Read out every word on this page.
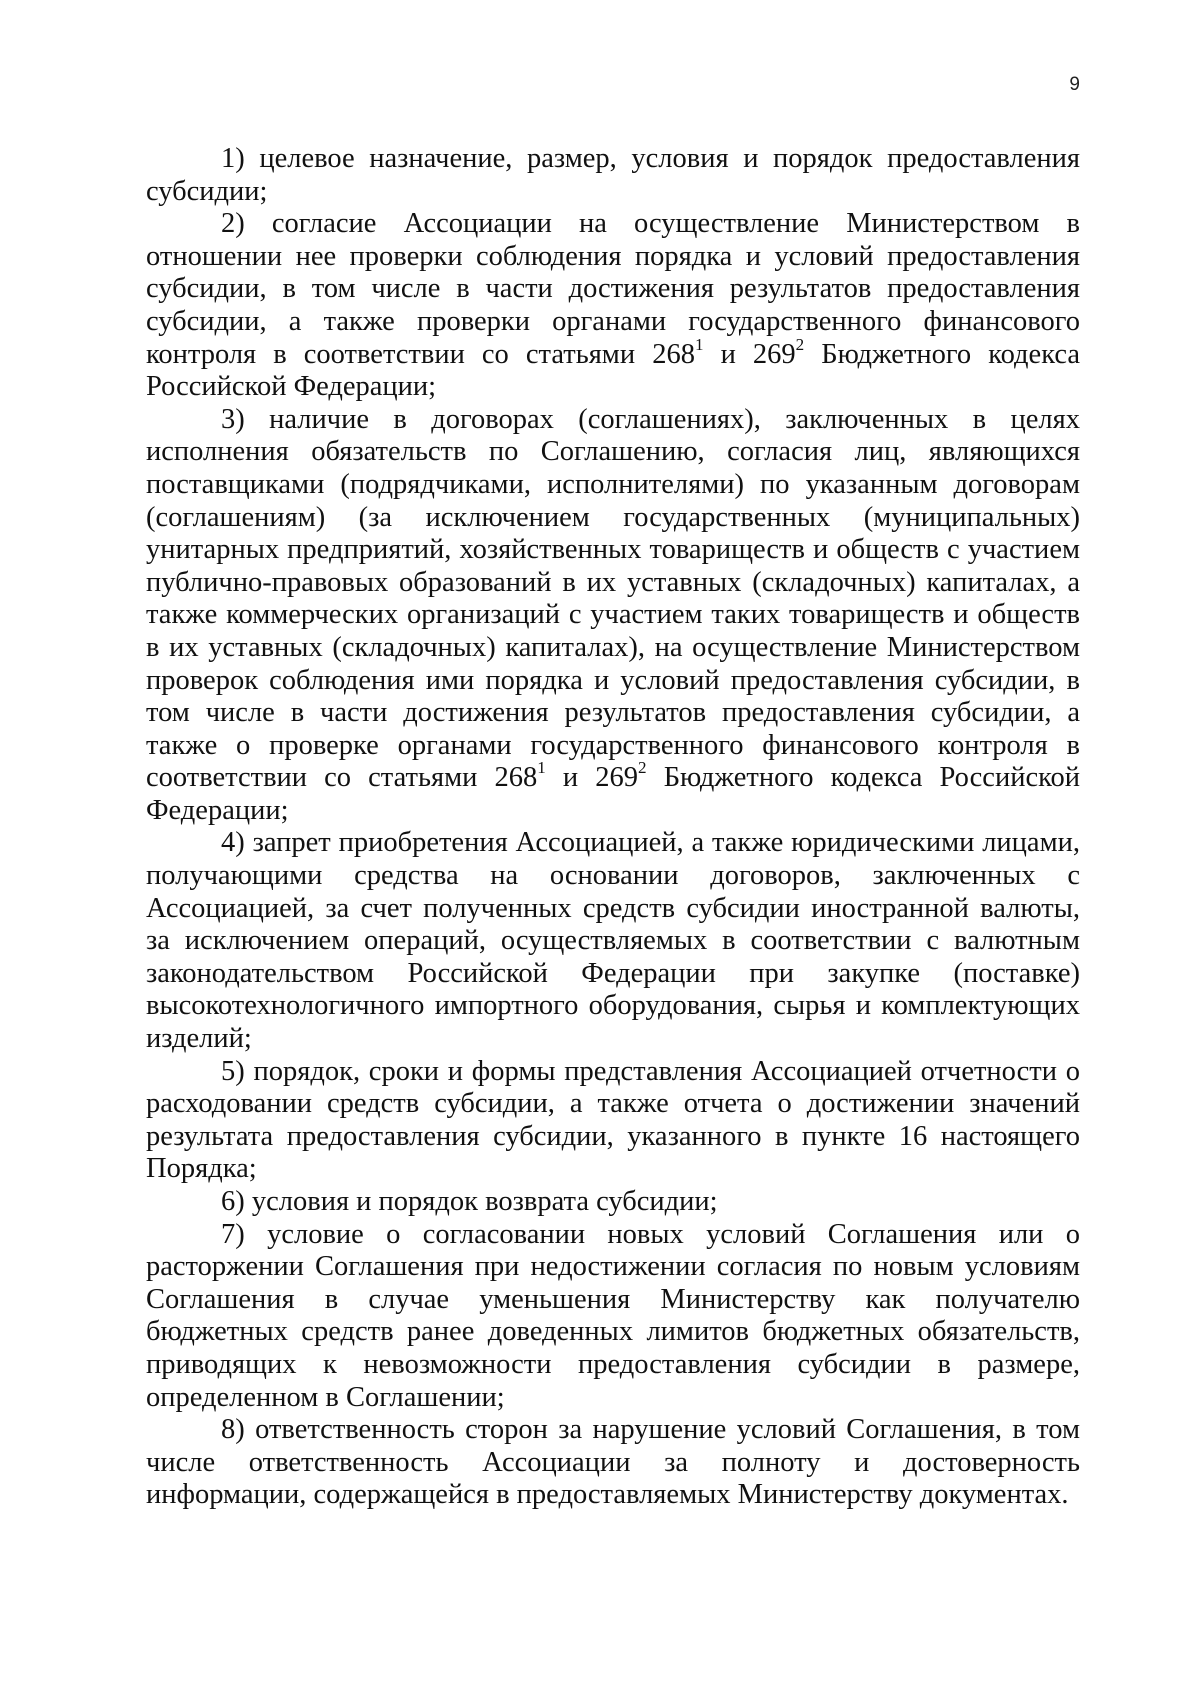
9

1) целевое назначение, размер, условия и порядок предоставления субсидии;

2) согласие Ассоциации на осуществление Министерством в отношении нее проверки соблюдения порядка и условий предоставления субсидии, в том числе в части достижения результатов предоставления субсидии, а также проверки органами государственного финансового контроля в соответствии со статьями 268$^1$ и 269$^2$ Бюджетного кодекса Российской Федерации;

3) наличие в договорах (соглашениях), заключенных в целях исполнения обязательств по Соглашению, согласия лиц, являющихся поставщиками (подрядчиками, исполнителями) по указанным договорам (соглашениям) (за исключением государственных (муниципальных) унитарных предприятий, хозяйственных товариществ и обществ с участием публично-правовых образований в их уставных (складочных) капиталах, а также коммерческих организаций с участием таких товариществ и обществ в их уставных (складочных) капиталах), на осуществление Министерством проверок соблюдения ими порядка и условий предоставления субсидии, в том числе в части достижения результатов предоставления субсидии, а также о проверке органами государственного финансового контроля в соответствии со статьями 268$^1$ и 269$^2$ Бюджетного кодекса Российской Федерации;

4) запрет приобретения Ассоциацией, а также юридическими лицами, получающими средства на основании договоров, заключенных с Ассоциацией, за счет полученных средств субсидии иностранной валюты, за исключением операций, осуществляемых в соответствии с валютным законодательством Российской Федерации при закупке (поставке) высокотехнологичного импортного оборудования, сырья и комплектующих изделий;

5) порядок, сроки и формы представления Ассоциацией отчетности о расходовании средств субсидии, а также отчета о достижении значений результата предоставления субсидии, указанного в пункте 16 настоящего Порядка;

6) условия и порядок возврата субсидии;

7) условие о согласовании новых условий Соглашения или о расторжении Соглашения при недостижении согласия по новым условиям Соглашения в случае уменьшения Министерству как получателю бюджетных средств ранее доведенных лимитов бюджетных обязательств, приводящих к невозможности предоставления субсидии в размере, определенном в Соглашении;

8) ответственность сторон за нарушение условий Соглашения, в том числе ответственность Ассоциации за полноту и достоверность информации, содержащейся в предоставляемых Министерству документах.
